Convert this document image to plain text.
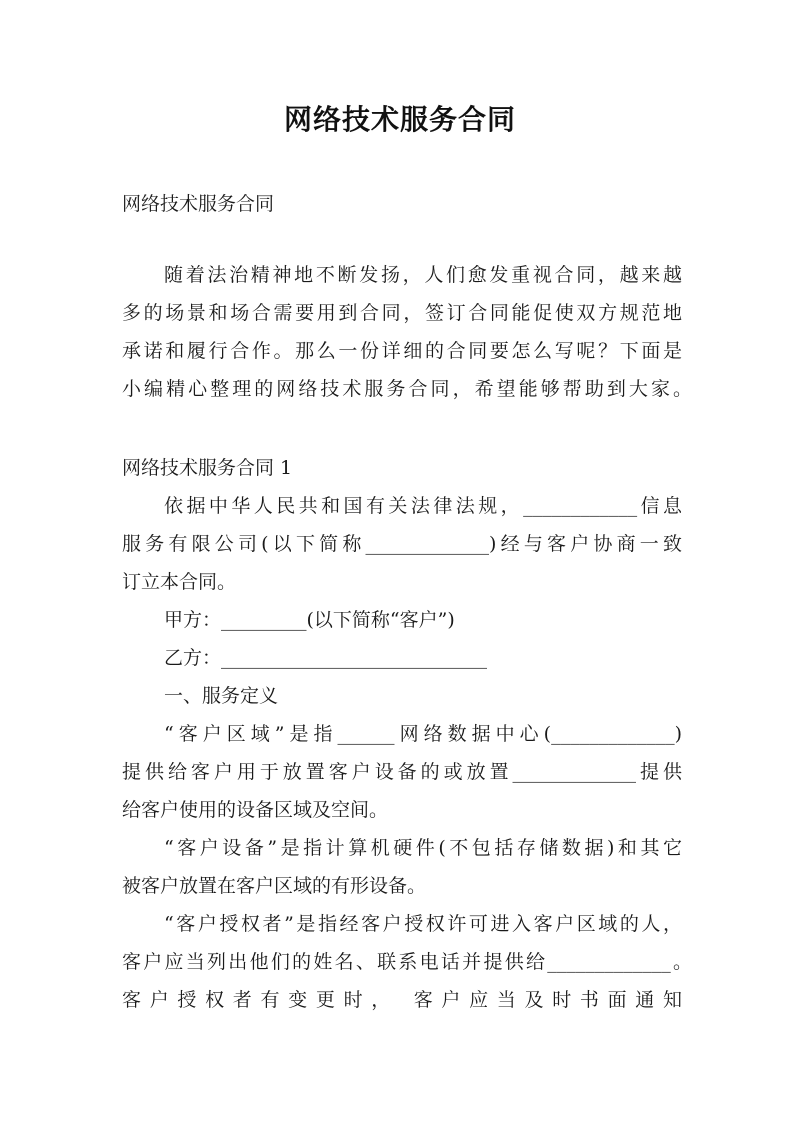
网络技术服务合同
网络技术服务合同
随着法治精神地不断发扬，人们愈发重视合同，越来越
多的场景和场合需要用到合同，签订合同能促使双方规范地
承诺和履行合作。那么一份详细的合同要怎么写呢？下面是
小编精心整理的网络技术服务合同，希望能够帮助到大家。
网络技术服务合同 1
依据中华人民共和国有关法律法规，____________信息
服务有限公司(以下简称_____________)经与客户协商一致
订立本合同。
甲方：_________(以下简称“客户”)
乙方：____________________________
一、服务定义
“客户区域”是指______网络数据中心(_____________)
提供给客户用于放置客户设备的或放置_____________提供
给客户使用的设备区域及空间。
“客户设备”是指计算机硬件(不包括存储数据)和其它
被客户放置在客户区域的有形设备。
“客户授权者”是指经客户授权许可进入客户区域的人，
客户应当列出他们的姓名、联系电话并提供给_____________。
客户授权者有变更时， 客户应当及时书面通知
